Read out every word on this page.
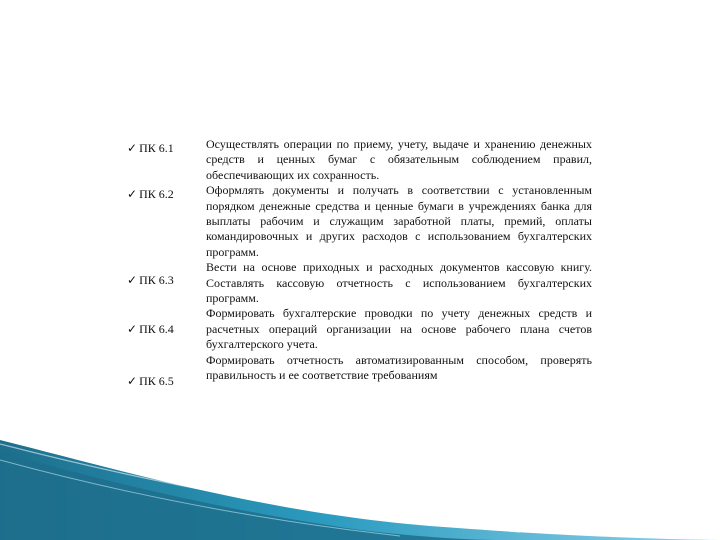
✓ ПК 6.1
✓ ПК 6.2
✓ ПК 6.3
✓ ПК 6.4
✓ ПК 6.5

Осуществлять операции по приему, учету, выдаче и хранению денежных средств и ценных бумаг с обязательным соблюдением правил, обеспечивающих их сохранность.

Оформлять документы и получать в соответствии с установленным порядком денежные средства и ценные бумаги в учреждениях банка для выплаты рабочим и служащим заработной платы, премий, оплаты командировочных и других расходов с использованием бухгалтерских программ.

Вести на основе приходных и расходных документов кассовую книгу. Составлять кассовую отчетность с использованием бухгалтерских программ.

Формировать бухгалтерские проводки по учету денежных средств и расчетных операций организации на основе рабочего плана счетов бухгалтерского учета.

Формировать отчетность автоматизированным способом, проверять правильность и ее соответствие требованиям
